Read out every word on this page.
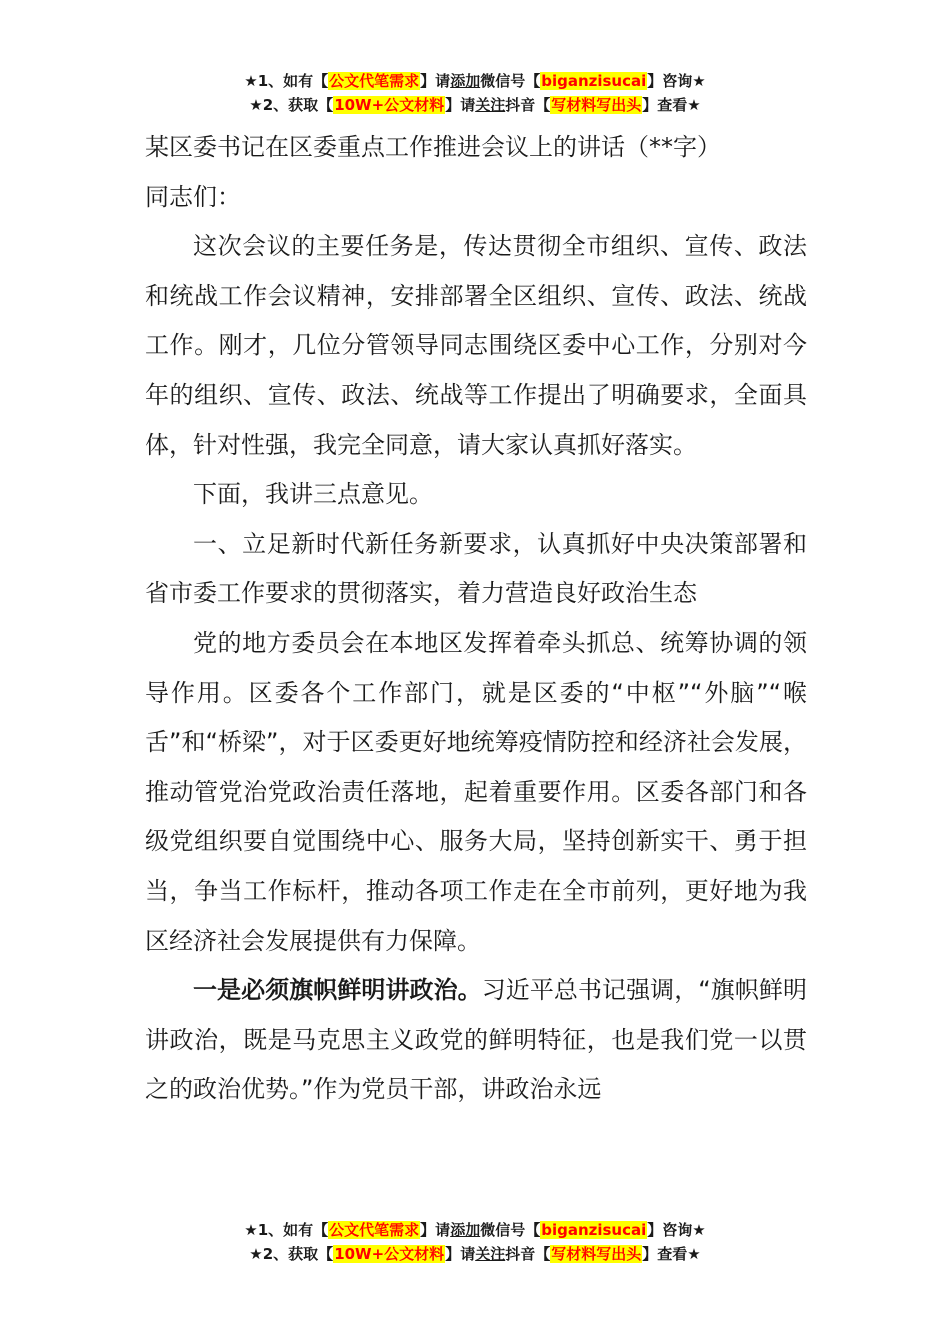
★1、如有【公文代笔需求】请添加微信号【biganzisucai】咨询★
★2、获取【10W+公文材料】请关注抖音【写材料写出头】查看★

某区委书记在区委重点工作推进会议上的讲话（**字）

同志们：

这次会议的主要任务是，传达贯彻全市组织、宣传、政法和统战工作会议精神，安排部署全区组织、宣传、政法、统战工作。刚才，几位分管领导同志围绕区委中心工作，分别对今年的组织、宣传、政法、统战等工作提出了明确要求，全面具体，针对性强，我完全同意，请大家认真抓好落实。

下面，我讲三点意见。

一、立足新时代新任务新要求，认真抓好中央决策部署和省市委工作要求的贯彻落实，着力营造良好政治生态

党的地方委员会在本地区发挥着牵头抓总、统筹协调的领导作用。区委各个工作部门，就是区委的“中枢”“外脑”“喉舌”和“桥梁”，对于区委更好地统筹疫情防控和经济社会发展，推动管党治党政治责任落地，起着重要作用。区委各部门和各级党组织要自觉围绕中心、服务大局，坚持创新实干、勇于担当，争当工作标杆，推动各项工作走在全市前列，更好地为我区经济社会发展提供有力保障。

一是必须旗帜鲜明讲政治。习近平总书记强调，“旗帜鲜明讲政治，既是马克思主义政党的鲜明特征，也是我们党一以贯之的政治优势。”作为党员干部，讲政治永远

★1、如有【公文代笔需求】请添加微信号【biganzisucai】咨询★
★2、获取【10W+公文材料】请关注抖音【写材料写出头】查看★
